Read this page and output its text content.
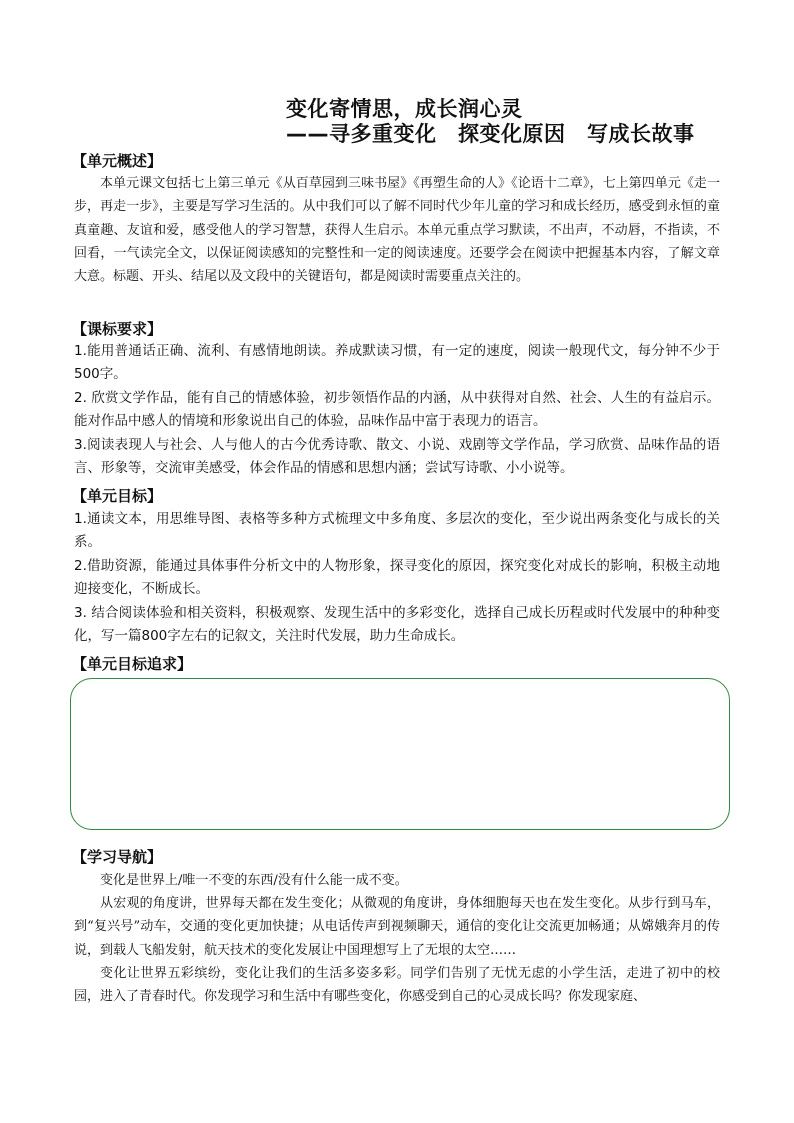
变化寄情思，成长润心灵
——寻多重变化　探变化原因　写成长故事
【单元概述】

本单元课文包括七上第三单元《从百草园到三味书屋》《再塑生命的人》《论语十二章》，七上第四单元《走一步，再走一步》，主要是写学习生活的。从中我们可以了解不同时代少年儿童的学习和成长经历，感受到永恒的童真童趣、友谊和爱，感受他人的学习智慧，获得人生启示。本单元重点学习默读，不出声，不动唇，不指读，不回看，一气读完全文，以保证阅读感知的完整性和一定的阅读速度。还要学会在阅读中把握基本内容，了解文章大意。标题、开头、结尾以及文段中的关键语句，都是阅读时需要重点关注的。

【课标要求】

1.能用普通话正确、流利、有感情地朗读。养成默读习惯，有一定的速度，阅读一般现代文，每分钟不少于500字。

2. 欣赏文学作品，能有自己的情感体验，初步领悟作品的内涵，从中获得对自然、社会、人生的有益启示。能对作品中感人的情境和形象说出自己的体验，品味作品中富于表现力的语言。

3.阅读表现人与社会、人与他人的古今优秀诗歌、散文、小说、戏剧等文学作品，学习欣赏、品味作品的语言、形象等，交流审美感受，体会作品的情感和思想内涵；尝试写诗歌、小小说等。

【单元目标】

1.通读文本，用思维导图、表格等多种方式梳理文中多角度、多层次的变化，至少说出两条变化与成长的关系。

2.借助资源，能通过具体事件分析文中的人物形象，探寻变化的原因，探究变化对成长的影响，积极主动地迎接变化，不断成长。

3. 结合阅读体验和相关资料，积极观察、发现生活中的多彩变化，选择自己成长历程或时代发展中的种种变化，写一篇800字左右的记叙文，关注时代发展，助力生命成长。

【单元目标追求】
【学习导航】

变化是世界上/唯一不变的东西/没有什么能一成不变。

从宏观的角度讲，世界每天都在发生变化；从微观的角度讲，身体细胞每天也在发生变化。从步行到马车，到“复兴号”动车，交通的变化更加快捷；从电话传声到视频聊天，通信的变化让交流更加畅通；从嫦娥奔月的传说，到载人飞船发射，航天技术的变化发展让中国理想写上了无垠的太空……

变化让世界五彩缤纷，变化让我们的生活多姿多彩。同学们告别了无忧无虑的小学生活，走进了初中的校园，进入了青春时代。你发现学习和生活中有哪些变化，你感受到自己的心灵成长吗？你发现家庭、
